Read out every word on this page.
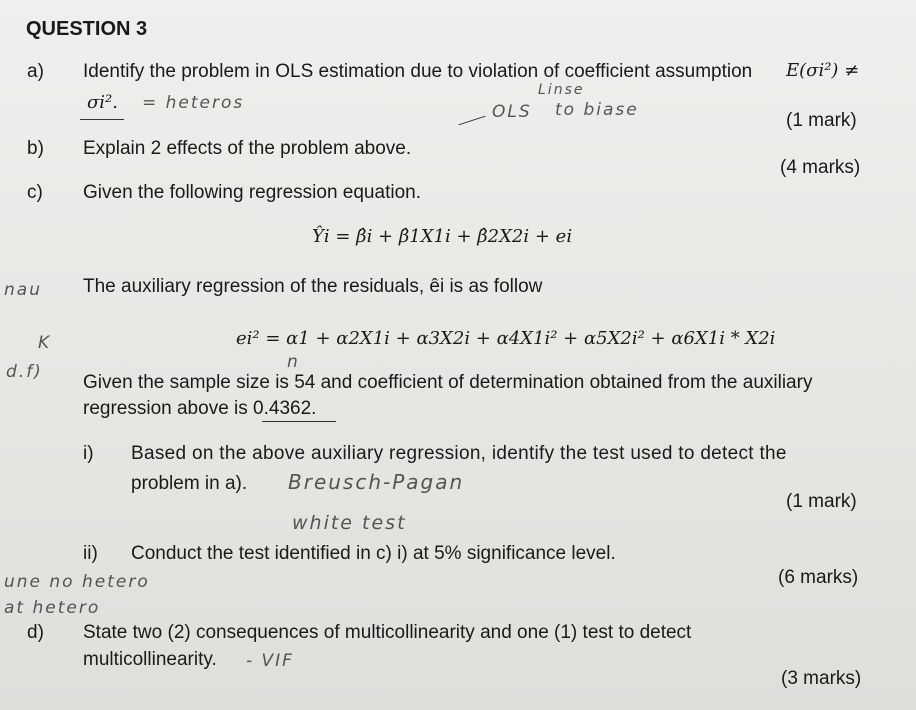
QUESTION 3
a) Identify the problem in OLS estimation due to violation of coefficient assumption E(σi²) ≠
σi². = heteros
Linse
OLS to biase	(1 mark)
b) Explain 2 effects of the problem above.
(4 marks)
c) Given the following regression equation.
Ŷi = β̂i + β̂1X1i + β̂2X2i + ei
nau The auxiliary regression of the residuals, êi is as follow
K	ei² = α1 + α2X1i + α3X2i + α4X1i² + α5X2i² + α6X1i * X2i
n
d.f) Given the sample size is 54 and coefficient of determination obtained from the auxiliary
regression above is 0.4362.
i) Based on the above auxiliary regression, identify the test used to detect the
problem in a). Breusch-Pagan
(1 mark)
white test
ii) Conduct the test identified in c) i) at 5% significance level.
une no hetero	(6 marks)
at hetero
d) State two (2) consequences of multicollinearity and one (1) test to detect
multicollinearity. - VIF
(3 marks)
